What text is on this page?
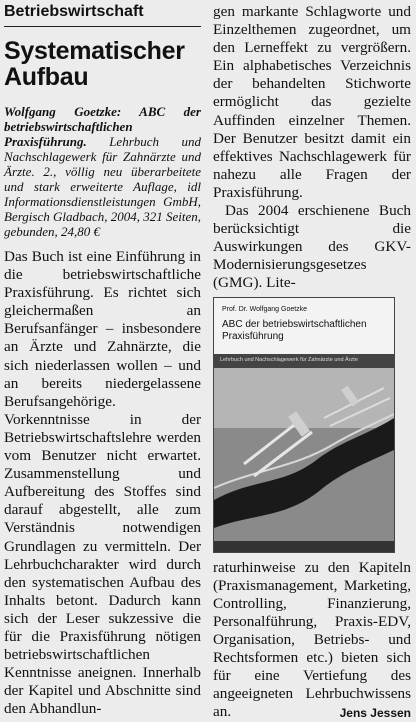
Betriebswirtschaft
Systematischer Aufbau
Wolfgang Goetzke: ABC der betriebswirtschaftlichen Praxisführung. Lehrbuch und Nachschlagewerk für Zahnärzte und Ärzte. 2., völlig neu überarbeitete und stark erweiterte Auflage, idl Informationsdienstleistungen GmbH, Bergisch Gladbach, 2004, 321 Seiten, gebunden, 24,80 €
Das Buch ist eine Einführung in die betriebswirtschaftliche Praxisführung. Es richtet sich gleichermaßen an Berufsanfänger – insbesondere an Ärzte und Zahnärzte, die sich niederlassen wollen – und an bereits niedergelassene Berufsangehörige. Vorkenntnisse in der Betriebswirtschaftslehre werden vom Benutzer nicht erwartet. Zusammenstellung und Aufbereitung des Stoffes sind darauf abgestellt, alle zum Verständnis notwendigen Grundlagen zu vermitteln. Der Lehrbuchcharakter wird durch den systematischen Aufbau des Inhalts betont. Dadurch kann sich der Leser sukzessive die für die Praxisführung nötigen betriebswirtschaftlichen Kenntnisse aneignen. Innerhalb der Kapitel und Abschnitte sind den Abhandlun-
gen markante Schlagworte und Einzelthemen zugeordnet, um den Lerneffekt zu vergrößern. Ein alphabetisches Verzeichnis der behandelten Stichworte ermöglicht das gezielte Auffinden einzelner Themen. Der Benutzer besitzt damit ein effektives Nachschlagewerk für nahezu alle Fragen der Praxisführung.
Das 2004 erschienene Buch berücksichtigt die Auswirkungen des GKV-Modernisierungsgesetzes (GMG). Lite-
Prof. Dr. Wolfgang Goetzke
ABC der betriebswirtschaftlichen Praxisführung
Lehrbuch und Nachschlagewerk für Zahnärzte und Ärzte
raturhinweise zu den Kapiteln (Praxismanagement, Marketing, Controlling, Finanzierung, Personalführung, Praxis-EDV, Organisation, Betriebs- und Rechtsformen etc.) bieten sich für eine Vertiefung des angeeigneten Lehrbuchwissens an.	Jens Jessen
